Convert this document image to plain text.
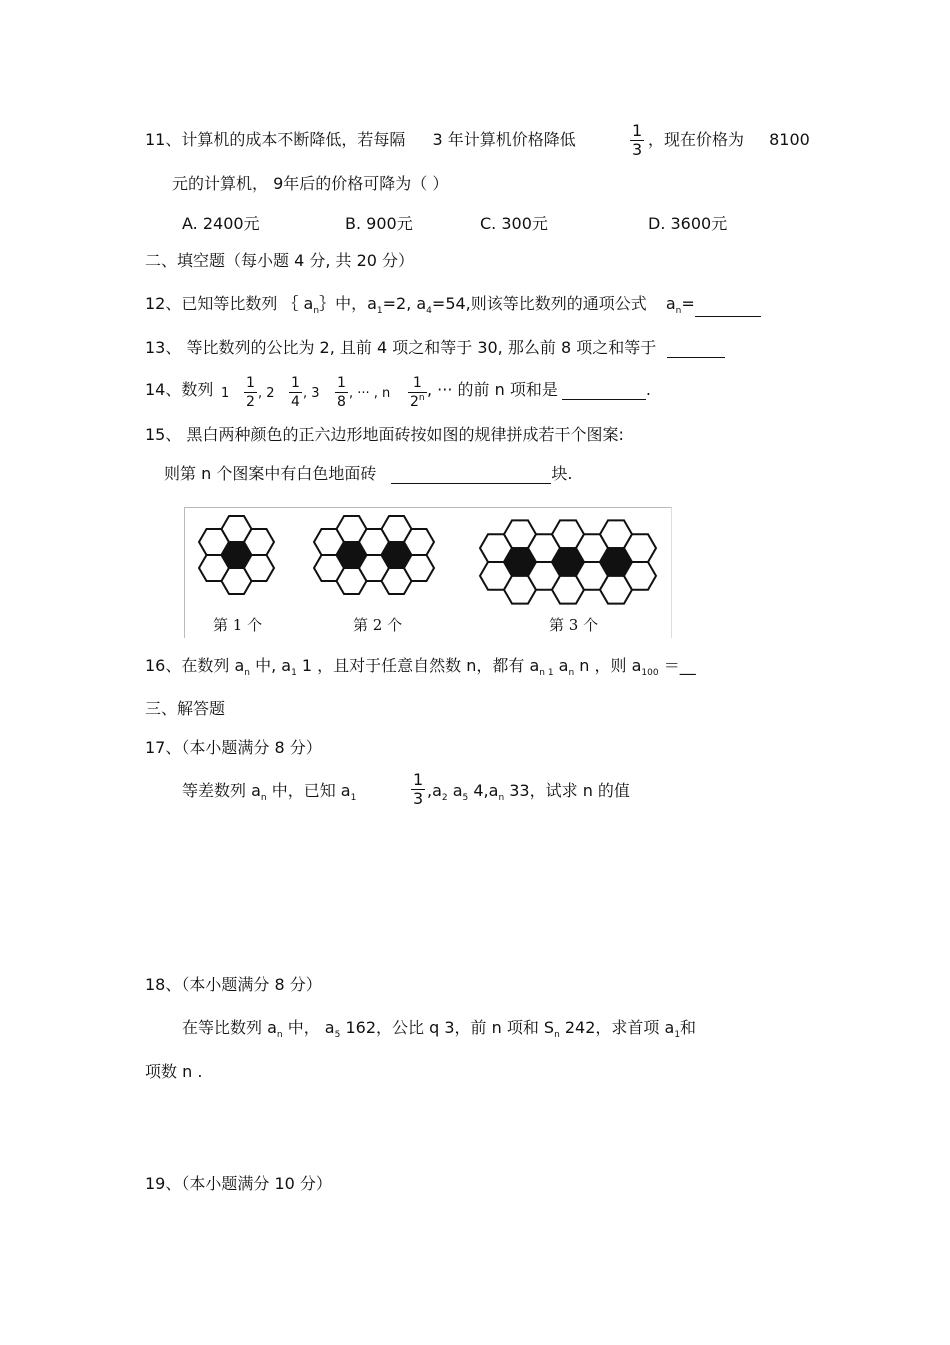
11、计算机的成本不断降低，若每隔 3 年计算机价格降低	$\frac{1}{3}$ ，现在价格为 8100
元的计算机， 9年后的价格可降为（ ）
A. 2400元	B. 900元	C. 300元	D. 3600元
二、填空题（每小题 4 分, 共 20 分）
12、已知等比数列 ｛ $a_n\}$中，$a_1=2$, $a_4=54$,则该等比数列的通项公式 $a_n=$
13、 等比数列的公比为 2, 且前 4 项之和等于 30, 那么前 8 项之和等于
14、数列 $1 \frac{1}{2}$ , $2 \frac{1}{4}$ , $3 \frac{1}{8}$ , ··· , n $\frac{1}{2^n}$ , ··· 的前 n 项和是	.
15、 黑白两种颜色的正六边形地面砖按如图的规律拼成若干个图案:
则第 n 个图案中有白色地面砖	块.
第 1 个	第 2 个	第 3 个
16、在数列 $a_n$ 中, $a_1$ 1 ，且对于任意自然数 n，都有 $a_{n 1}$ $a_n$ n ，则 $a_{100}$ ＝__
三、解答题
17、（本小题满分 8 分）
等差数列 $a_n$ 中，已知 $a_1$	$\frac{1}{3} ,a_2$ $a_5$ $4,a_n$ 33，试求 n 的值
18、（本小题满分 8 分）
在等比数列 $a_n$ 中， $a_5$ 162，公比 q 3，前 n 项和 $S_n$ 242，求首项 $a_1$和
项数 n .
19、（本小题满分 10 分）
